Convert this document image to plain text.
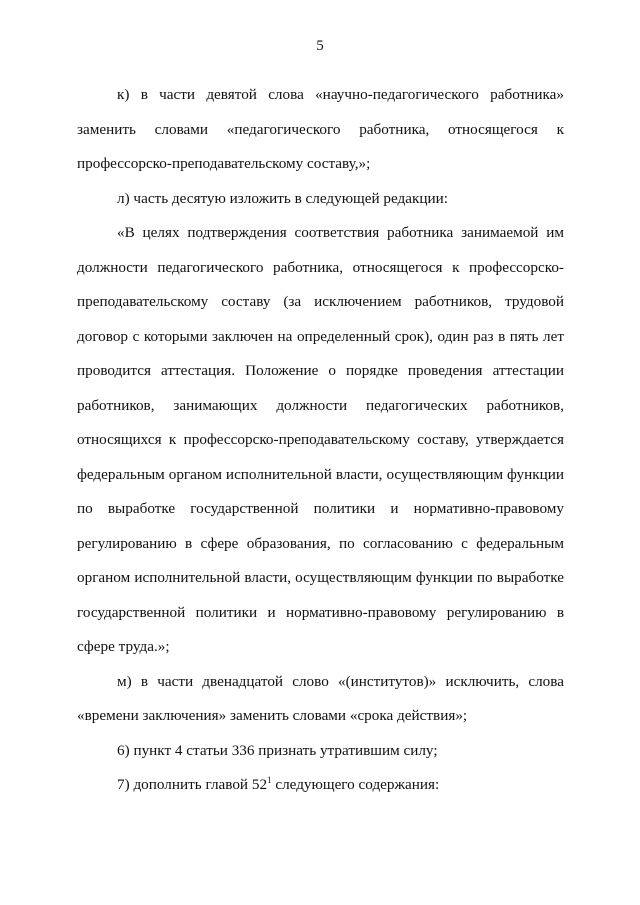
5

к) в части девятой слова «научно-педагогического работника» заменить словами «педагогического работника, относящегося к профессорско-преподавательскому составу,»;

л) часть десятую изложить в следующей редакции:

«В целях подтверждения соответствия работника занимаемой им должности педагогического работника, относящегося к профессорско-преподавательскому составу (за исключением работников, трудовой договор с которыми заключен на определенный срок), один раз в пять лет проводится аттестация. Положение о порядке проведения аттестации работников, занимающих должности педагогических работников, относящихся к профессорско-преподавательскому составу, утверждается федеральным органом исполнительной власти, осуществляющим функции по выработке государственной политики и нормативно-правовому регулированию в сфере образования, по согласованию с федеральным органом исполнительной власти, осуществляющим функции по выработке государственной политики и нормативно-правовому регулированию в сфере труда.»;

м) в части двенадцатой слово «(институтов)» исключить, слова «времени заключения» заменить словами «срока действия»;

6) пункт 4 статьи 336 признать утратившим силу;

7) дополнить главой $52^1$ следующего содержания:
